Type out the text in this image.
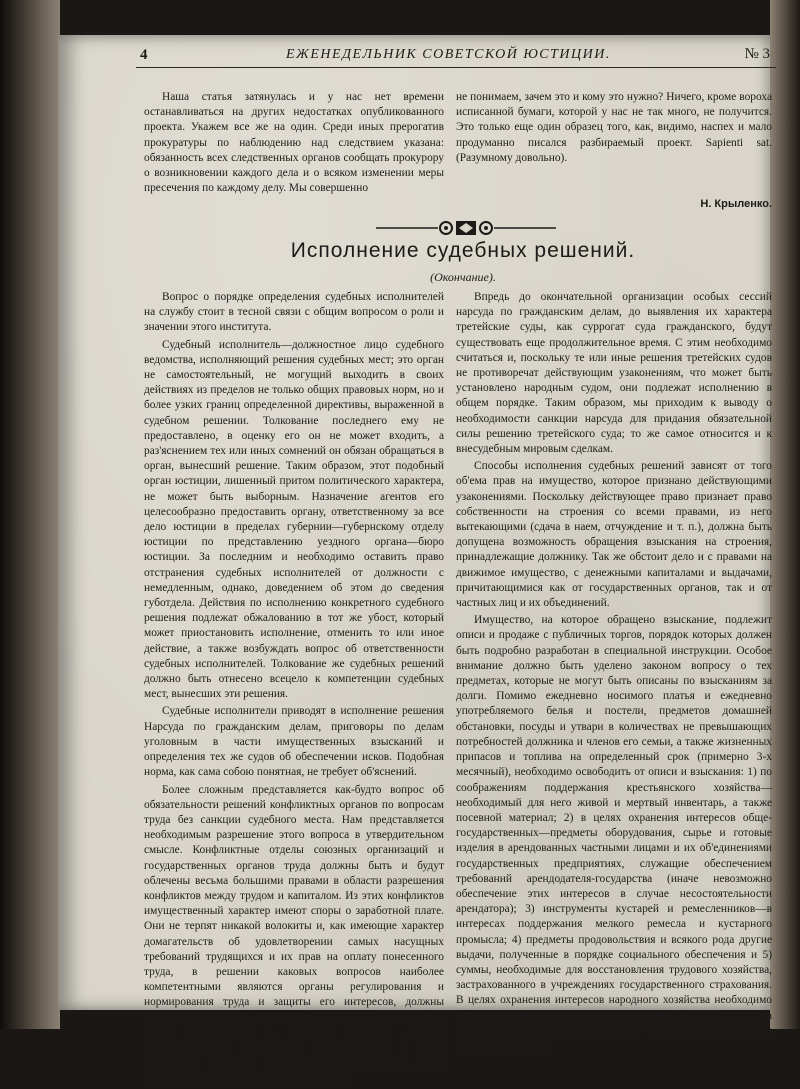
4	ЕЖЕНЕДЕЛЬНИК СОВЕТСКОЙ ЮСТИЦИИ.	№ 3

Наша статья затянулась и у нас нет времени останавливаться на других недостатках опубликованного проекта. Укажем все же на один. Среди иных прерогатив прокуратуры по наблюдению над следствием указана: обязанность всех следственных органов сообщать прокурору о возникновении каждого дела и о всяком изменении меры пресечения по каждому делу. Мы совершенно

не понимаем, зачем это и кому это нужно? Ничего, кроме вороха исписанной бумаги, которой у нас не так много, не получится. Это только еще один образец того, как, видимо, наспех и мало продуманно писался разбираемый проект. Sapienti sat. (Разумному довольно).

Н. Крыленко.
Исполнение судебных решений.
(Окончание).

Вопрос о порядке определения судебных исполнителей на службу стоит в тесной связи с общим вопросом о роли и значении этого института.

Судебный исполнитель—должностное лицо судебного ведомства, исполняющий решения судебных мест; это орган не самостоятельный, не могущий выходить в своих действиях из пределов не только общих правовых норм, но и более узких границ определенной директивы, выраженной в судебном решении. Толкование последнего ему не предоставлено, в оценку его он не может входить, а раз'яснением тех или иных сомнений он обязан обращаться в орган, вынесший решение. Таким образом, этот подобный орган юстиции, лишенный притом политического характера, не может быть выборным. Назначение агентов его целесообразно предоставить органу, ответственному за все дело юстиции в пределах губернии—губернскому отделу юстиции по представлению уездного органа—бюро юстиции. За последним и необходимо оставить право отстранения судебных исполнителей от должности с немедленным, однако, доведением об этом до сведения губотдела. Действия по исполнению конкретного судебного решения подлежат обжалованию в тот же убост, который может приостановить исполнение, отменить то или иное действие, а также возбуждать вопрос об ответственности судебных исполнителей. Толкование же судебных решений должно быть отнесено всецело к компетенции судебных мест, вынесших эти решения.

Судебные исполнители приводят в исполнение решения Нарсуда по гражданским делам, приговоры по делам уголовным в части имущественных взысканий и определения тех же судов об обеспечении исков. Подобная норма, как сама собою понятная, не требует об'яснений.

Более сложным представляется как-будто вопрос об обязательности решений конфликтных органов по вопросам труда без санкции судебного места. Нам представляется необходимым разрешение этого вопроса в утвердительном смысле. Конфликтные отделы союзных организаций и государственных органов труда должны быть и будут облечены весьма большими правами в области разрешения конфликтов между трудом и капиталом. Из этих конфликтов имущественный характер имеют споры о заработной плате. Они не терпят никакой волокиты и, как имеющие характер домагательств об удовлетворении самых насущных требований трудящихся и их прав на оплату понесенного труда, в решении каковых вопросов наиболее компетентными являются органы регулирования и нормирования труда и защиты его интересов, должны всецело и окончательно разрешаться этими органами. Ни в каком утверждении со стороны судебных органов соответствующие определения не нуждаются. В ином положении находятся решения третейских судов, даже состоящих при той или иной организации.

Впредь до окончательной организации особых сессий нарсуда по гражданским делам, до выявления их характера третейские суды, как суррогат суда гражданского, будут существовать еще продолжительное время. С этим необходимо считаться и, поскольку те или иные решения третейских судов не противоречат действующим узаконениям, что может быть установлено народным судом, они подлежат исполнению в общем порядке. Таким образом, мы приходим к выводу о необходимости санкции нарсуда для придания обязательной силы решению третейского суда; то же самое относится и к внесудебным мировым сделкам.

Способы исполнения судебных решений зависят от того об'ема прав на имущество, которое признано действующими узаконениями. Поскольку действующее право признает право собственности на строения со всеми правами, из него вытекающими (сдача в наем, отчуждение и т. п.), должна быть допущена возможность обращения взыскания на строения, принадлежащие должнику. Так же обстоит дело и с правами на движимое имущество, с денежными капиталами и выдачами, причитающимися как от государственных органов, так и от частных лиц и их объединений.

Имущество, на которое обращено взыскание, подлежит описи и продаже с публичных торгов, порядок которых должен быть подробно разработан в специальной инструкции. Особое внимание должно быть уделено законом вопросу о тех предметах, которые не могут быть описаны по взысканиям за долги. Помимо ежедневно носимого платья и ежедневно употребляемого белья и постели, предметов домашней обстановки, посуды и утвари в количествах не превышающих потребностей должника и членов его семьи, а также жизненных припасов и топлива на определенный срок (примерно 3-х месячный), необходимо освободить от описи и взыскания: 1) по соображениям поддержания крестьянского хозяйства—необходимый для него живой и мертвый инвентарь, а также посевной материал; 2) в целях охранения интересов обще-государственных—предметы оборудования, сырье и готовые изделия в арендованных частными лицами и их об'единениями государственных предприятиях, служащие обеспечением требований арендодателя-государства (иначе невозможно обеспечение этих интересов в случае несостоятельности арендатора); 3) инструменты кустарей и ремесленников—в интересах поддержания мелкого ремесла и кустарного промысла; 4) предметы продовольствия и всякого рода другие выдачи, полученные в порядке социального обеспечения и 5) суммы, необходимые для восстановления трудового хозяйства, застрахованного в учреждениях государственного страхования. В целях охранения интересов народного хозяйства необходимо установить правило о невозможности обращения взыскания на отдельные предметы необходимого оборудования фабрик и заводов. Взыскание
